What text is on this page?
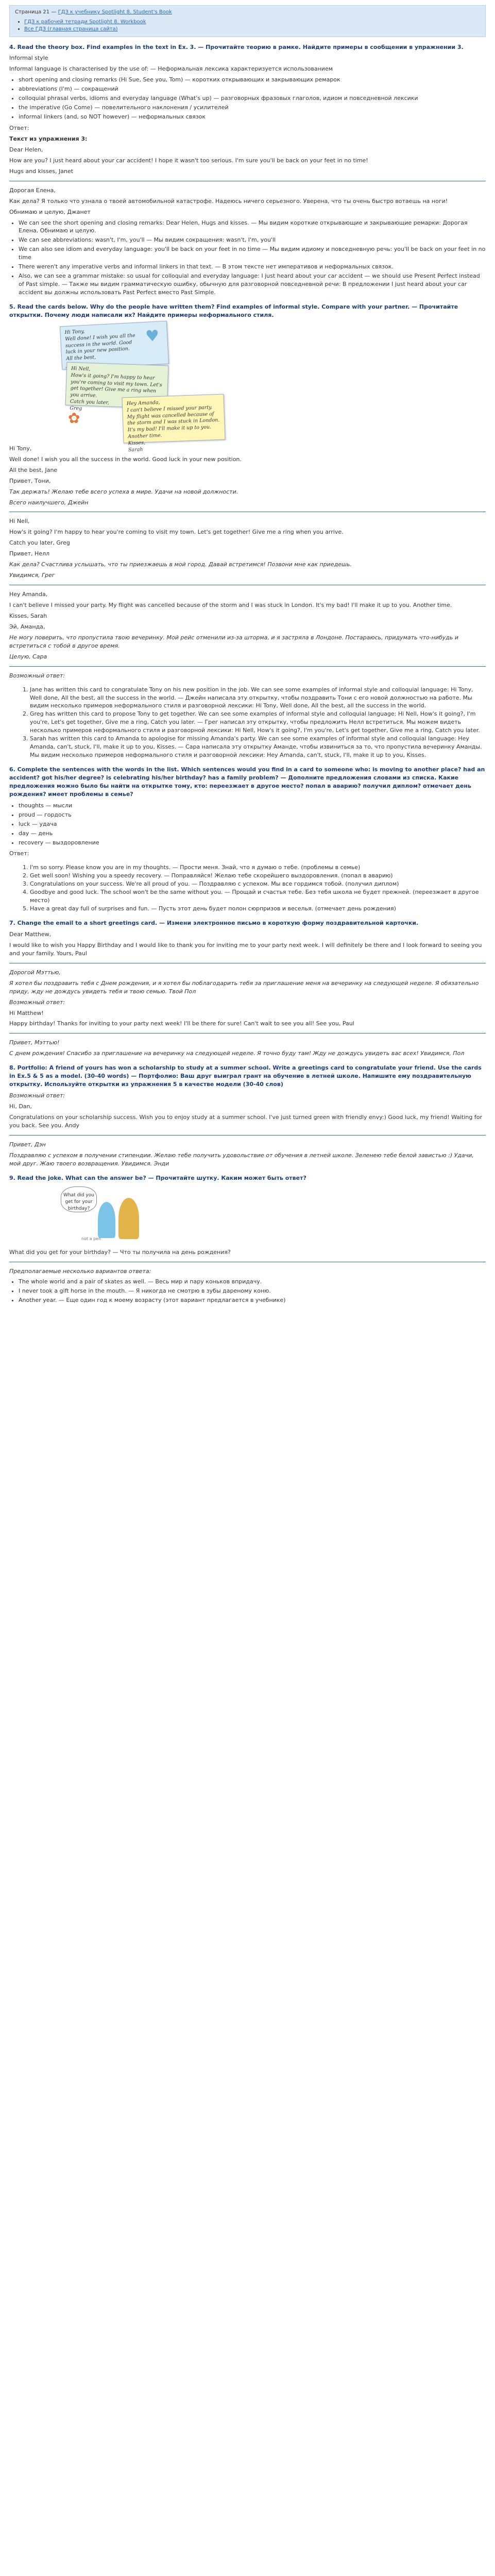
Страница 21 — ГДЗ к учебнику Spotlight 8. Student's Book
• ГДЗ к рабочей тетради Spotlight 8. Workbook
• Все ГДЗ (главная страница сайта)
4. Read the theory box. Find examples in the text in Ex. 3. — Прочитайте теорию в рамке. Найдите примеры в сообщении в упражнении 3.

Informal style

Informal language is characterised by the use of: — Неформальная лексика характеризуется использованием

• short opening and closing remarks (Hi Sue, See you, Tom) — коротких открывающих и закрывающих ремарок
• abbreviations (I'm) — сокращений
• colloquial phrasal verbs, idioms and everyday language (What's up) — разговорных фразовых глаголов, идиом и повседневной лексики
• the imperative (Go Come) — повелительного наклонения / усилителей
• informal linkers (and, so NOT however) — неформальных связок

Ответ:

Текст из упражнения 3:

Dear Helen,

How are you? I just heard about your car accident! I hope it wasn't too serious. I'm sure you'll be back on your feet in no time!

Hugs and kisses, Janet

Дорогая Елена,

Как дела? Я только что узнала о твоей автомобильной катастрофе. Надеюсь ничего серьезного. Уверена, что ты очень быстро вотаешь на ноги!

Обнимаю и целую, Джанет

• We can see the short opening and closing remarks: Dear Helen, Hugs and kisses. — Мы видим короткие открывающие и закрывающие ремарки: Дорогая Елена, Обнимаю и целую.
• We can see abbreviations: wasn't, I'm, you'll — Мы видим сокращения: wasn't, I'm, you'll
• We can also see idiom and everyday language: you'll be back on your feet in no time — Мы видим идиому и повседневную речь: you'll be back on your feet in no time
• There weren't any imperative verbs and informal linkers in that text. — В этом тексте нет императивов и неформальных связок.
• Also, we can see a grammar mistake: so usual for colloquial and everyday language: I just heard about your car accident — we should use Present Perfect instead of Past simple. — Также мы видим грамматическую ошибку, обычную для разговорной повседневной речи: В предложении I just heard about your car accident вы должны использовать Past Perfect вместо Past Simple.
5. Read the cards below. Why do the people have written them? Find examples of informal style. Compare with your partner. — Прочитайте открытки. Почему люди написали их? Найдите примеры неформального стиля.
♥
Hi Tony,
Well done! I wish you all the success in the world. Good luck in your new position.
All the best,

Hi Nell,
How's it going? I'm happy to hear you're coming to visit my town. Let's get together! Give me a ring when you arrive.
Catch you later,
Greg
Hey Amanda,
I can't believe I missed your party. My flight was cancelled because of the storm and I was stuck in London. It's my bad! I'll make it up to you. Another time.
Kisses,
Sarah
✿

Hi Tony,

Well done! I wish you all the success in the world. Good luck in your new position.

All the best, Jane

Привет, Тони,

Так держать! Желаю тебе всего успеха в мире. Удачи на новой должности.

Всего наилучшего, Джейн

Hi Nell,

How's it going? I'm happy to hear you're coming to visit my town. Let's get together! Give me a ring when you arrive.

Catch you later, Greg

Привет, Нелл

Как дела? Счастлива услышать, что ты приезжаешь в мой город. Давай встретимся! Позвони мне как приедешь.

Увидимся, Грег

Hey Amanda,

I can't believe I missed your party. My flight was cancelled because of the storm and I was stuck in London. It's my bad! I'll make it up to you. Another time.

Kisses, Sarah

Эй, Аманда,

Не могу поверить, что пропустила твою вечеринку. Мой рейс отменили из-за шторма, и я застряла в Лондоне. Постараюсь, придумать что-нибудь и встретиться с тобой в другое время.

Целую, Сара

Возможный ответ:

1. Jane has written this card to congratulate Tony on his new position in the job. We can see some examples of informal style and colloquial language: Hi Tony, Well done, All the best, all the success in the world. — Джейн написала эту открытку, чтобы поздравить Тони с его новой должностью на работе. Мы видим несколько примеров неформального стиля и разговорной лексики: Hi Tony, Well done, All the best, all the success in the world.
2. Greg has written this card to propose Tony to get together. We can see some examples of informal style and colloquial language: Hi Nell, How's it going?, I'm you're, Let's get together, Give me a ring, Catch you later. — Грег написал эту открытку, чтобы предложить Нелл встретиться. Мы можем видеть несколько примеров неформального стиля и разговорной лексики: Hi Nell, How's it going?, I'm you're, Let's get together, Give me a ring, Catch you later.
3. Sarah has written this card to Amanda to apologise for missing Amanda's party. We can see some examples of informal style and colloquial language: Hey Amanda, can't, stuck, I'll, make it up to you, Kisses. — Сара написала эту открытку Аманде, чтобы извиниться за то, что пропустила вечеринку Аманды. Мы видим несколько примеров неформального стиля и разговорной лексики: Hey Amanda, can't, stuck, I'll, make it up to you, Kisses.
6. Complete the sentences with the words in the list. Which sentences would you find in a card to someone who: is moving to another place? had an accident? got his/her degree? is celebrating his/her birthday? has a family problem? — Дополните предложения словами из списка. Какие предложения можно было бы найти на открытке тому, кто: переезжает в другое место? попал в аварию? получил диплом? отмечает день рождения? имеет проблемы в семье?
• thoughts — мысли
• proud — гордость
• luck — удача
• day — день
• recovery — выздоровление

Ответ:

1. I'm so sorry. Please know you are in my thoughts. — Прости меня. Знай, что я думаю о тебе. (проблемы в семье)
2. Get well soon! Wishing you a speedy recovery. — Поправляйся! Желаю тебе скорейшего выздоровления. (попал в аварию)
3. Congratulations on your success. We're all proud of you. — Поздравляю с успехом. Мы все гордимся тобой. (получил диплом)
4. Goodbye and good luck. The school won't be the same without you. — Прощай и счастья тебе. Без тебя школа не будет прежней. (переезжает в другое место)
5. Have a great day full of surprises and fun. — Пусть этот день будет полон сюрпризов и веселья. (отмечает день рождения)
7. Change the email to a short greetings card. — Измени электронное письмо в короткую форму поздравительной карточки.

Dear Matthew,

I would like to wish you Happy Birthday and I would like to thank you for inviting me to your party next week. I will definitely be there and I look forward to seeing you and your family. Yours, Paul

Дорогой Мэттью,

Я хотел бы поздравить тебя с Днем рождения, и я хотел бы поблагодарить тебя за приглашение меня на вечеринку на следующей неделе. Я обязательно приду, жду не дождусь увидеть тебя и твою семью. Твой Пол

Возможный ответ:

Hi Matthew!

Happy birthday! Thanks for inviting to your party next week! I'll be there for sure! Can't wait to see you all! See you, Paul

Привет, Мэттью!

С днем рождения! Спасибо за приглашение на вечеринку на следующей неделе. Я точно буду там! Жду не дождусь увидеть вас всех! Увидимся, Пол

8. Portfolio: A friend of yours has won a scholarship to study at a summer school. Write a greetings card to congratulate your friend. Use the cards in Ex.5 & 5 as a model. (30-40 words) — Портфолио: Ваш друг выиграл грант на обучение в летней школе. Напишите ему поздравительную открытку. Используйте открытки из упражнения 5 в качестве модели (30-40 слов)

Возможный ответ:

Hi, Dan,

Congratulations on your scholarship success. Wish you to enjoy study at a summer school. I've just turned green with friendly envy:) Good luck, my friend! Waiting for you back. See you. Andy

Привет, Дэн

Поздравляю с успехом в получении стипендии. Желаю тебе получить удовольствие от обучения в летней школе. Зеленею тебе белой завистью :) Удачи, мой друг. Жаю твоего возвращения. Увидимся. Энди

9. Read the joke. What can the answer be? — Прочитайте шутку. Каким может быть ответ?
What did you get for your birthday?
not a pen

What did you get for your birthday? — Что ты получила на день рождения?

Предполагаемые несколько вариантов ответа:

• The whole world and a pair of skates as well. — Весь мир и пару коньков впридачу.
• I never took a gift horse in the mouth. — Я никогда не смотрю в зубы дареному коню.
• Another year. — Еще один год к моему возрасту (этот вариант предлагается в учебнике)
